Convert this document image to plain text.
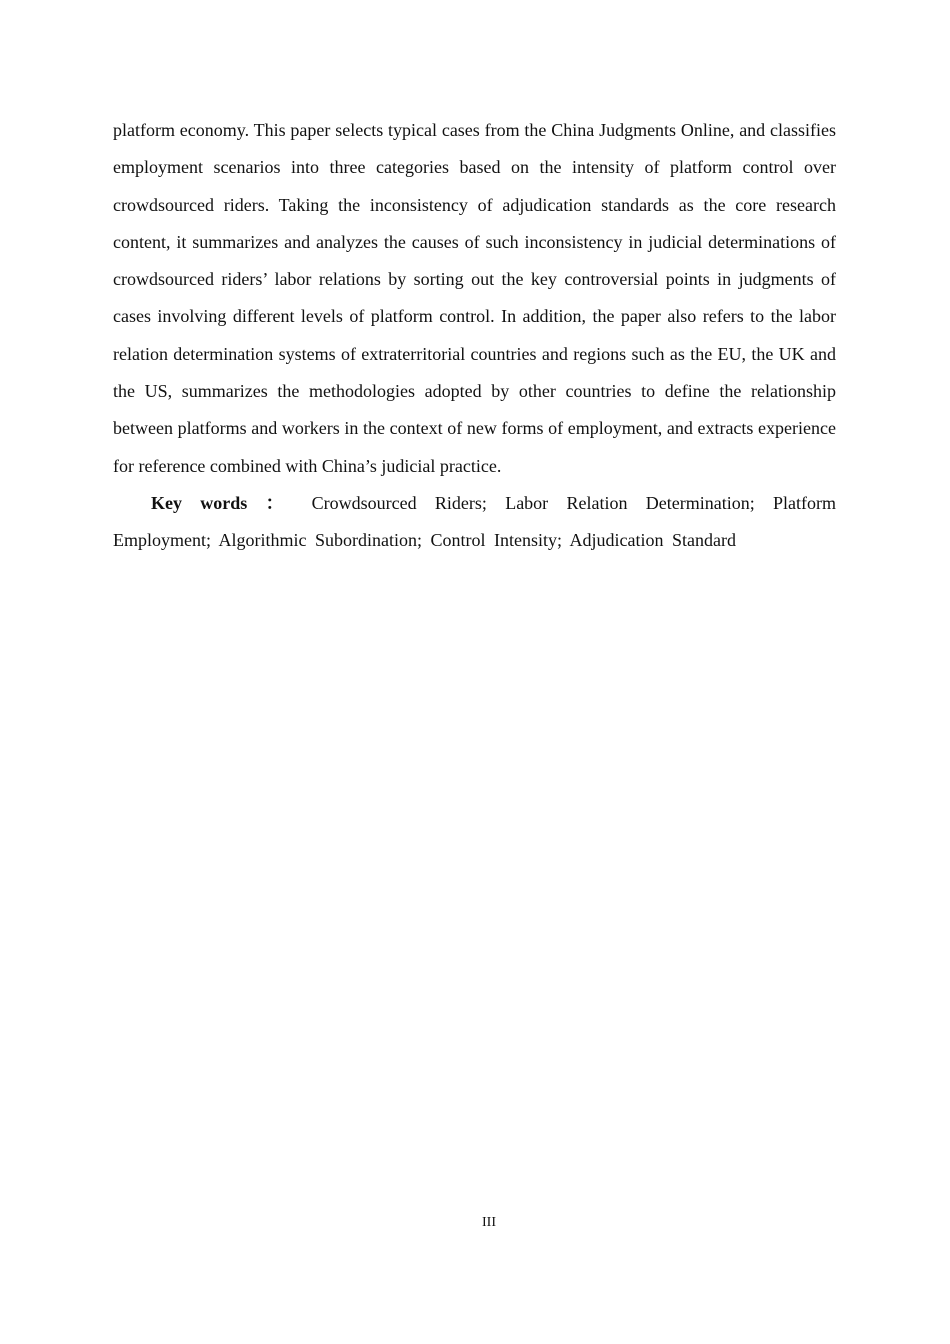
platform economy. This paper selects typical cases from the China Judgments Online, and classifies employment scenarios into three categories based on the intensity of platform control over crowdsourced riders. Taking the inconsistency of adjudication standards as the core research content, it summarizes and analyzes the causes of such inconsistency in judicial determinations of crowdsourced riders’ labor relations by sorting out the key controversial points in judgments of cases involving different levels of platform control. In addition, the paper also refers to the labor relation determination systems of extraterritorial countries and regions such as the EU, the UK and the US, summarizes the methodologies adopted by other countries to define the relationship between platforms and workers in the context of new forms of employment, and extracts experience for reference combined with China’s judicial practice.

Key words ： Crowdsourced Riders; Labor Relation Determination; Platform Employment; Algorithmic Subordination; Control Intensity; Adjudication Standard

III
